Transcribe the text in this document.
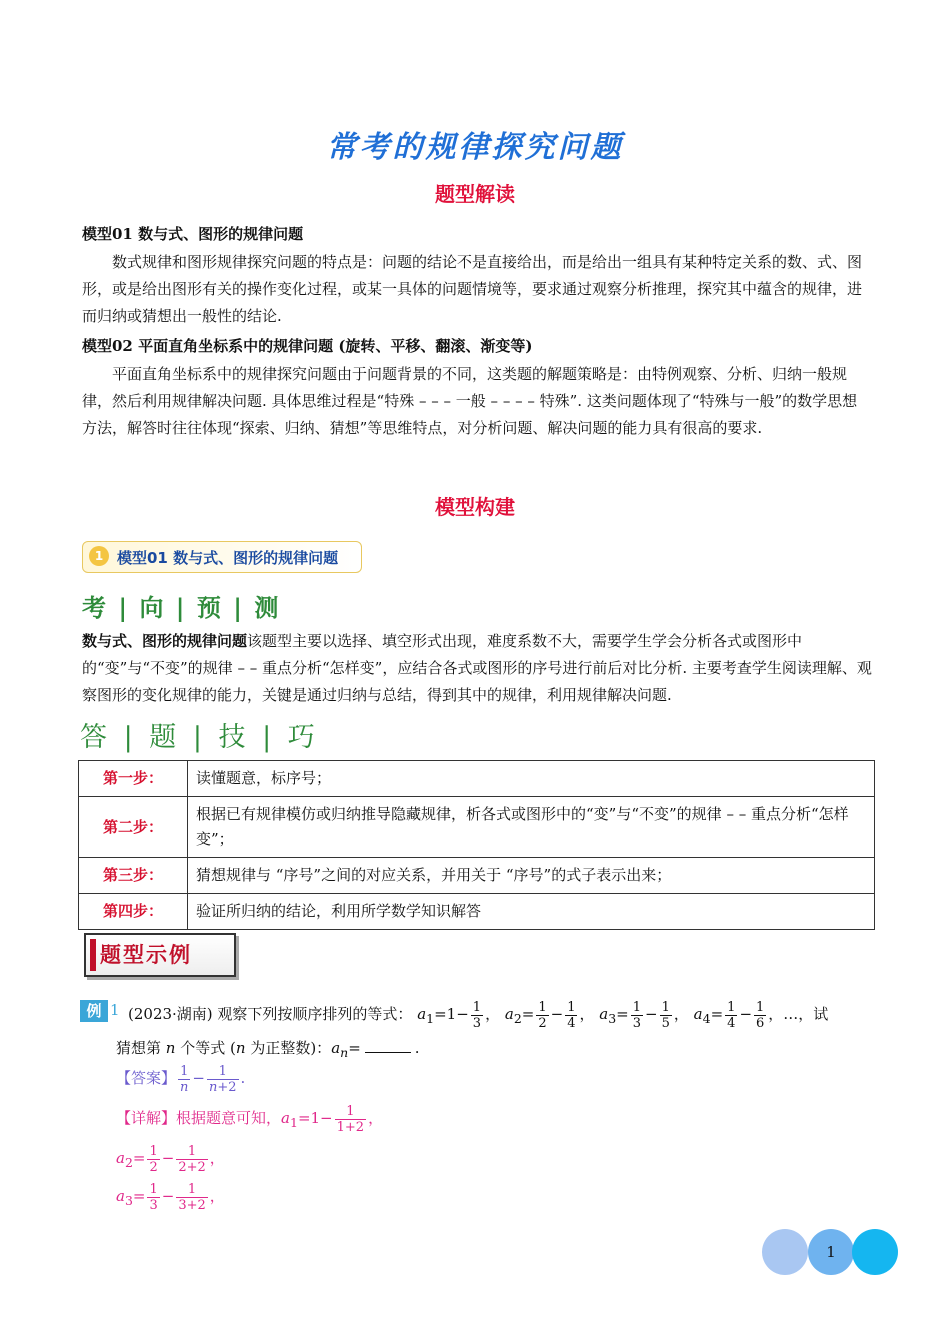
常考的规律探究问题
题型解读
模型01 数与式、图形的规律问题
数式规律和图形规律探究问题的特点是：问题的结论不是直接给出，而是给出一组具有某种特定关系的数、式、图形，或是给出图形有关的操作变化过程，或某一具体的问题情境等，要求通过观察分析推理，探究其中蕴含的规律，进而归纳或猜想出一般性的结论.
模型02 平面直角坐标系中的规律问题 (旋转、平移、翻滚、渐变等)
平面直角坐标系中的规律探究问题由于问题背景的不同，这类题的解题策略是：由特例观察、分析、归纳一般规律，然后利用规律解决问题. 具体思维过程是“特殊 – – – 一般 – – – – 特殊”. 这类问题体现了“特殊与一般”的数学思想方法，解答时往往体现“探索、归纳、猜想”等思维特点，对分析问题、解决问题的能力具有很高的要求.
模型构建
1 模型01 数与式、图形的规律问题
考 | 向 | 预 | 测
数与式、图形的规律问题该题型主要以选择、填空形式出现，难度系数不大，需要学生学会分析各式或图形中的“变”与“不变”的规律 – – 重点分析“怎样变”，应结合各式或图形的序号进行前后对比分析. 主要考查学生阅读理解、观察图形的变化规律的能力，关键是通过归纳与总结，得到其中的规律，利用规律解决问题.
答 | 题 | 技 | 巧
第一步：	读懂题意，标序号；
第二步：	根据已有规律模仿或归纳推导隐藏规律，析各式或图形中的“变”与“不变”的规律 – – 重点分析“怎样变”；
第三步：	猜想规律与 “序号”之间的对应关系，并用关于 “序号”的式子表示出来；
第四步：	验证所归纳的结论，利用所学数学知识解答
题型示例
例 1 (2023·湖南) 观察下列按顺序排列的等式： $a_1=1- \frac{1}{3}$ ， $a_2= \frac{1}{2} - \frac{1}{4}$ ， $a_3= \frac{1}{3} - \frac{1}{5}$ ， $a_4= \frac{1}{4} - \frac{1}{6}$ ，…，试
猜想第 n 个等式 (n 为正整数)：$a_n=$	.
【答案】 $\frac{1}{n} - \frac{1}{n+2}$ .
【详解】根据题意可知，$a_1=1- \frac{1}{1+2}$ ，
$a_2= \frac{1}{2} - \frac{1}{2+2}$ ，
$a_3= \frac{1}{3} - \frac{1}{3+2}$ ，
1
